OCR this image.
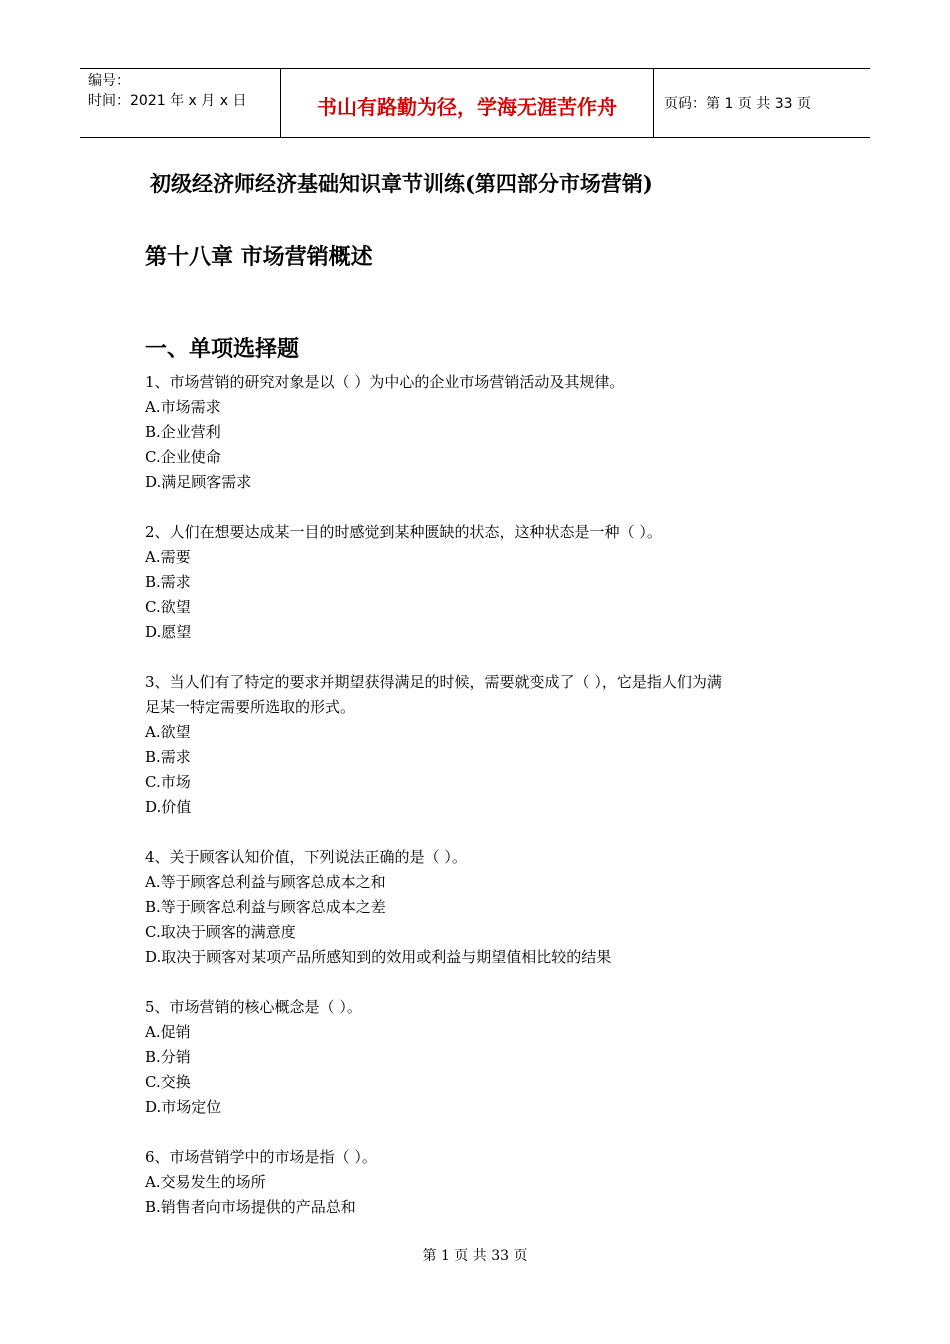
编号：
时间：2021 年 x 月 x 日	书山有路勤为径，学海无涯苦作舟	页码：第 1 页 共 33 页
初级经济师经济基础知识章节训练(第四部分市场营销)
第十八章 市场营销概述
一、单项选择题
1、市场营销的研究对象是以（ ）为中心的企业市场营销活动及其规律。
A.市场需求
B.企业营利
C.企业使命
D.满足顾客需求
2、人们在想要达成某一目的时感觉到某种匮缺的状态，这种状态是一种（ ）。
A.需要
B.需求
C.欲望
D.愿望
3、当人们有了特定的要求并期望获得满足的时候，需要就变成了（ ），它是指人们为满
足某一特定需要所选取的形式。
A.欲望
B.需求
C.市场
D.价值
4、关于顾客认知价值，下列说法正确的是（ ）。
A.等于顾客总利益与顾客总成本之和
B.等于顾客总利益与顾客总成本之差
C.取决于顾客的满意度
D.取决于顾客对某项产品所感知到的效用或利益与期望值相比较的结果
5、市场营销的核心概念是（ ）。
A.促销
B.分销
C.交换
D.市场定位
6、市场营销学中的市场是指（ ）。
A.交易发生的场所
B.销售者向市场提供的产品总和
第 1 页 共 33 页
